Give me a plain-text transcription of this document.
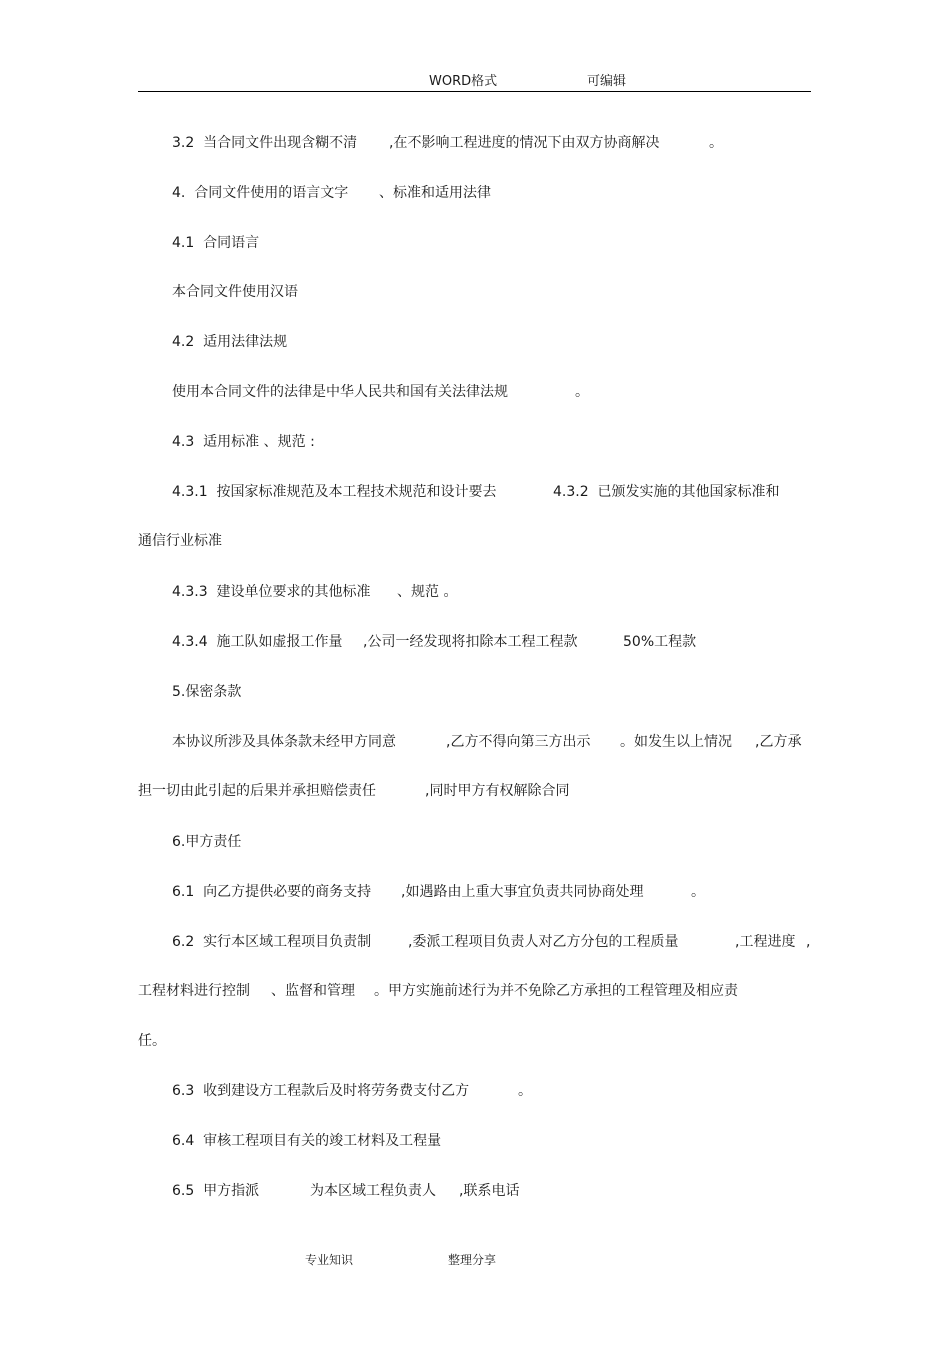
WORD格式	可编辑
3.2  当合同文件出现含糊不清 ,在不影响工程进度的情况下由双方协商解决	。
4.  合同文件使用的语言文字 、标准和适用法律
4.1  合同语言
本合同文件使用汉语
4.2  适用法律法规
使用本合同文件的法律是中华人民共和国有关法律法规	。
4.3  适用标准 、规范 :
4.3.1  按国家标准规范及本工程技术规范和设计要去	4.3.2  已颁发实施的其他国家标准和
通信行业标准
4.3.3  建设单位要求的其他标准 、规范 。
4.3.4  施工队如虚报工作量 ,公司一经发现将扣除本工程工程款	50%工程款
5.保密条款
本协议所涉及具体条款未经甲方同意	,乙方不得向第三方出示 。如发生以上情况 ,乙方承
担一切由此引起的后果并承担赔偿责任	,同时甲方有权解除合同
6.甲方责任
6.1  向乙方提供必要的商务支持 ,如遇路由上重大事宜负责共同协商处理	。
6.2  实行本区域工程项目负责制	,委派工程项目负责人对乙方分包的工程质量	,工程进度 ,
工程材料进行控制 、监督和管理 。甲方实施前述行为并不免除乙方承担的工程管理及相应责
任。
6.3  收到建设方工程款后及时将劳务费支付乙方	。
6.4  审核工程项目有关的竣工材料及工程量
6.5  甲方指派	为本区域工程负责人 ,联系电话
专业知识	整理分享
